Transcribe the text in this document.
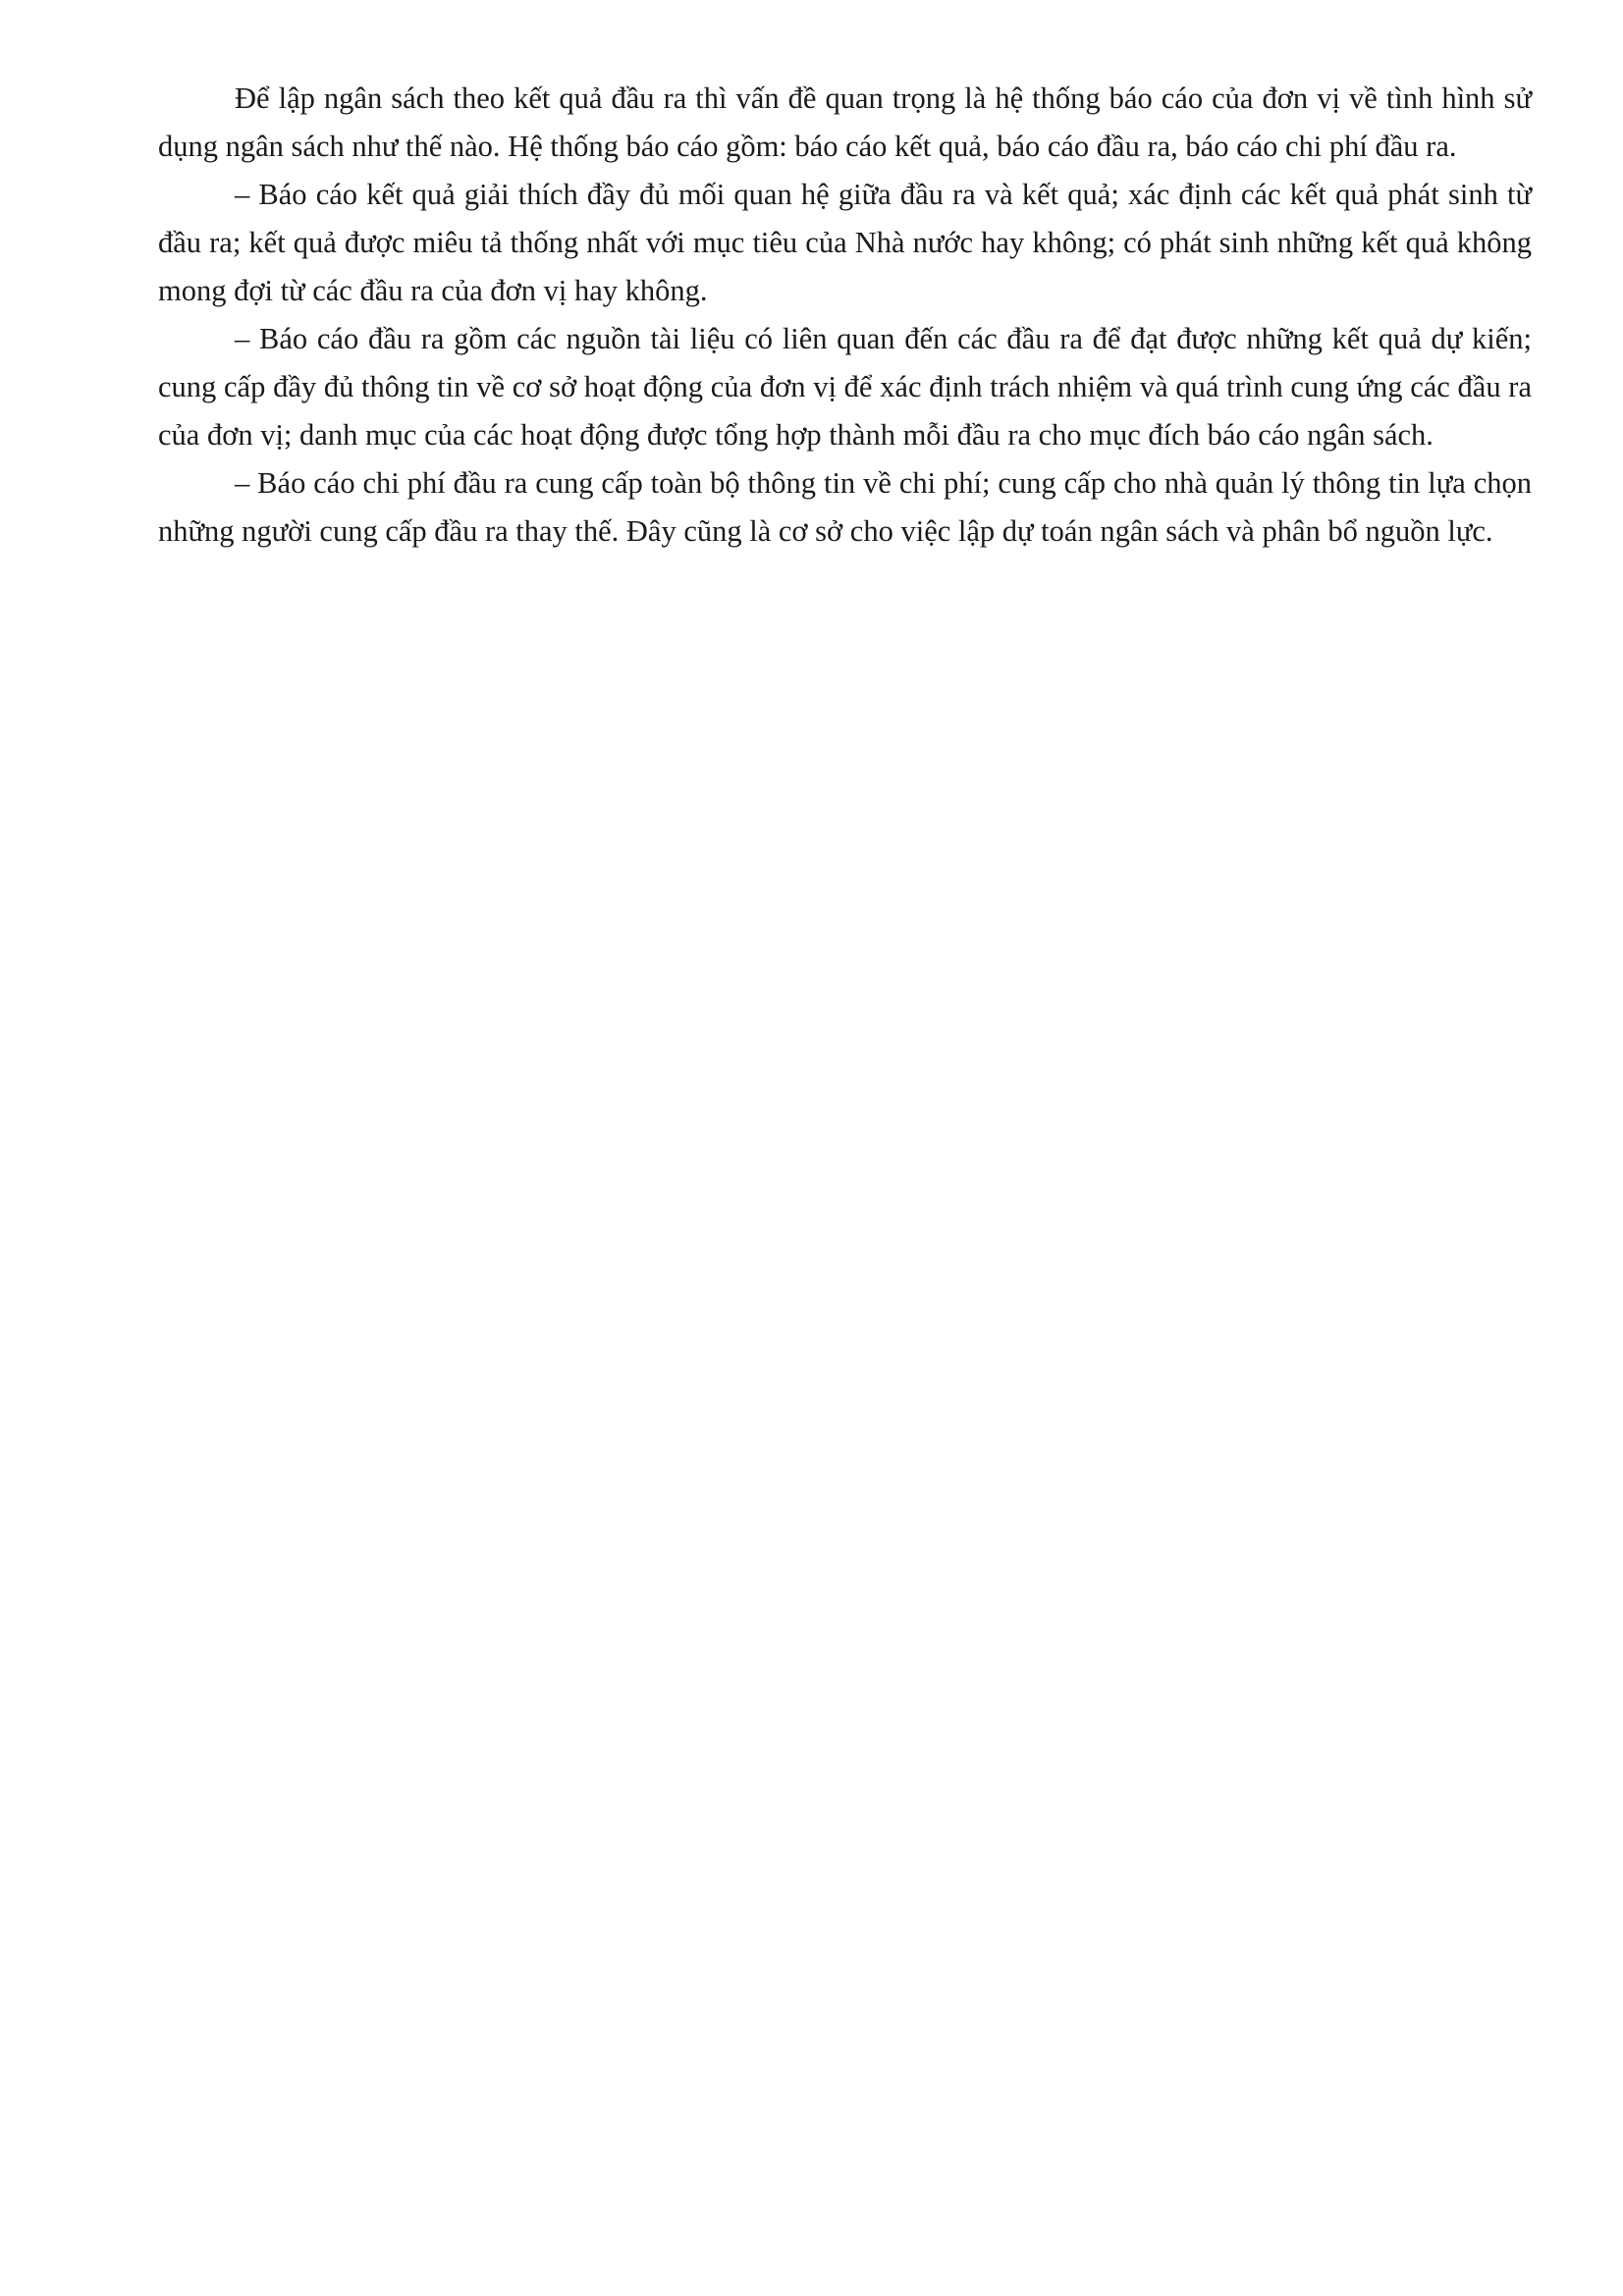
Để lập ngân sách theo kết quả đầu ra thì vấn đề quan trọng là hệ thống báo cáo của đơn vị về tình hình sử dụng ngân sách như thế nào. Hệ thống báo cáo gồm: báo cáo kết quả, báo cáo đầu ra, báo cáo chi phí đầu ra.

– Báo cáo kết quả giải thích đầy đủ mối quan hệ giữa đầu ra và kết quả; xác định các kết quả phát sinh từ đầu ra; kết quả được miêu tả thống nhất với mục tiêu của Nhà nước hay không; có phát sinh những kết quả không mong đợi từ các đầu ra của đơn vị hay không.

– Báo cáo đầu ra gồm các nguồn tài liệu có liên quan đến các đầu ra để đạt được những kết quả dự kiến; cung cấp đầy đủ thông tin về cơ sở hoạt động của đơn vị để xác định trách nhiệm và quá trình cung ứng các đầu ra của đơn vị; danh mục của các hoạt động được tổng hợp thành mỗi đầu ra cho mục đích báo cáo ngân sách.

– Báo cáo chi phí đầu ra cung cấp toàn bộ thông tin về chi phí; cung cấp cho nhà quản lý thông tin lựa chọn những người cung cấp đầu ra thay thế. Đây cũng là cơ sở cho việc lập dự toán ngân sách và phân bổ nguồn lực.
